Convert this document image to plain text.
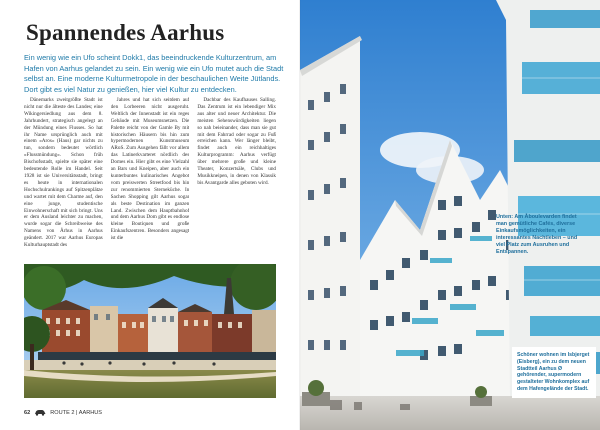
Spannendes Aarhus

Ein wenig wie ein Ufo scheint Dokk1, das beeindruckende Kulturzentrum, am Hafen von Aarhus gelandet zu sein. Ein wenig wie ein Ufo mutet auch die Stadt selbst an. Eine moderne Kulturmetropole in der beschaulichen Weite Jütlands. Dort gibt es viel Natur zu genießen, hier viel Kultur zu entdecken.

Dänemarks zweitgrößte Stadt ist nicht nur die älteste des Landes; eine Wikingersiedlung aus dem 8. Jahrhundert, strategisch angelegt an der Mündung eines Flusses. So hat ihr Name ursprünglich auch mit einem »Aros« (Haus) gar nichts zu tun, sondern bedeutet wörtlich »Flussmündung«. Schon früh Bischofsstadt, spielte sie später eine bedeutende Rolle im Handel. Seit 1928 ist sie Universitätsstadt, bringt es heute in internationalen Hochschulrankings auf Spitzenplätze und wartet mit dem Charme auf, den eine junge, studentische Einwohnerschaft mit sich bringt. Uns er dem Ausland leichter zu machen, wurde sogar die Schreibweise des Namens von Århus in Aarhus geändert. 2017 war Aarhus Europas Kulturhauptstadt des

Jahres und hat sich seitdem auf den Lorbeeren nicht ausgeruht. Weltlich der Innenstadt ist ein reges Gebäude mit Museumsnetzen. Die Palette reicht von der Gamle By mit historischen Häusern bis hin zum hypermodernen Kunstmuseum ARoS. Zum Ausgehen fällt vor allem das Latinerkvarteret nördlich des Domes ein. Hier gibt es eine Vielzahl an Bars und Kneipen, aber auch ein kunterbuntes kulinarisches Angebot vom preiswerten Streetfood bis hin zur renommierten Sterneküche. In Sachen Shopping gilt Aarhus sogar als beste Destination im ganzen Land. Zwischen dem Hauptbahnhof und dem Aarhus Dom gibt es endlose kleine Boutiquen und große Einkaufszentren. Besonders angesagt ist die

Dachbar des Kaufhauses Salling. Das Zentrum ist ein lebendiger Mix aus alter und neuer Architektur. Die meisten Sehenswürdigkeiten liegen so nah beieinander, dass man sie gut mit dem Fahrrad oder sogar zu Fuß erreichen kann. Wer länger bleibt, findet auch ein reichhaltiges Kulturprogramm: Aarhus verfügt über mehrere große und kleine Theater, Konzertsäle, Clubs und Musikkneipen, in denen von Klassik bis Avantgarde alles geboten wird.

62	ROUTE 2 | AARHUS

Unten: Am Åboulevarden findet man gemütliche Cafés, diverse Einkaufsmöglichkeiten, ein interessantes Nachtleben – und viel Platz zum Ausruhen und Entspannen.

Schöner wohnen im Isbjerget (Eisberg), ein zu dem neuen Stadtteil Aarhus Ø gehörender, supermodern gestalteter Wohnkomplex auf dem Hafengelände der Stadt.
